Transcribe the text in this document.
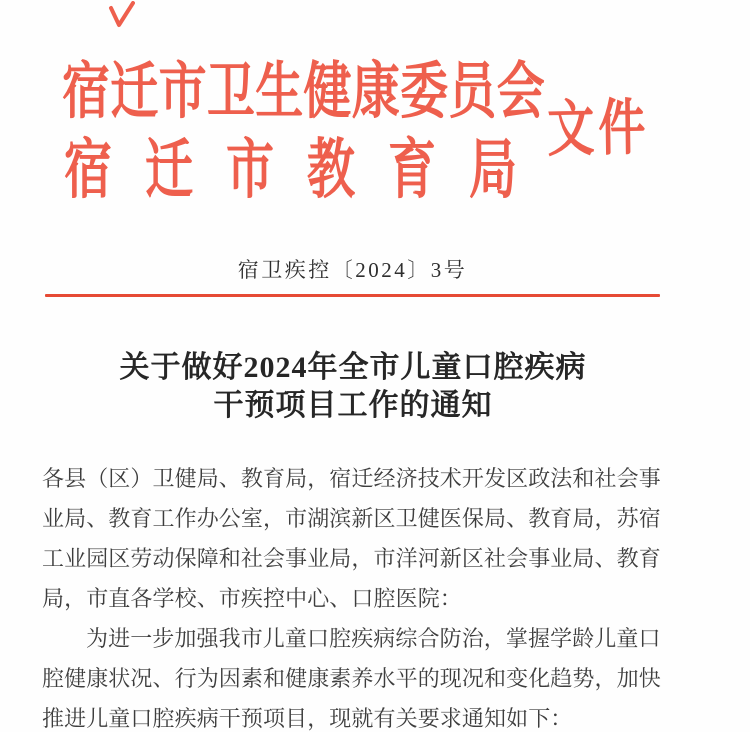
宿迁市卫生健康委员会
宿迁市教育局
文件
宿卫疾控〔2024〕3号
关于做好2024年全市儿童口腔疾病
干预项目工作的通知
各县（区）卫健局、教育局，宿迁经济技术开发区政法和社会事
业局、教育工作办公室，市湖滨新区卫健医保局、教育局，苏宿
工业园区劳动保障和社会事业局，市洋河新区社会事业局、教育
局，市直各学校、市疾控中心、口腔医院：
为进一步加强我市儿童口腔疾病综合防治，掌握学龄儿童口
腔健康状况、行为因素和健康素养水平的现况和变化趋势，加快
推进儿童口腔疾病干预项目，现就有关要求通知如下：
